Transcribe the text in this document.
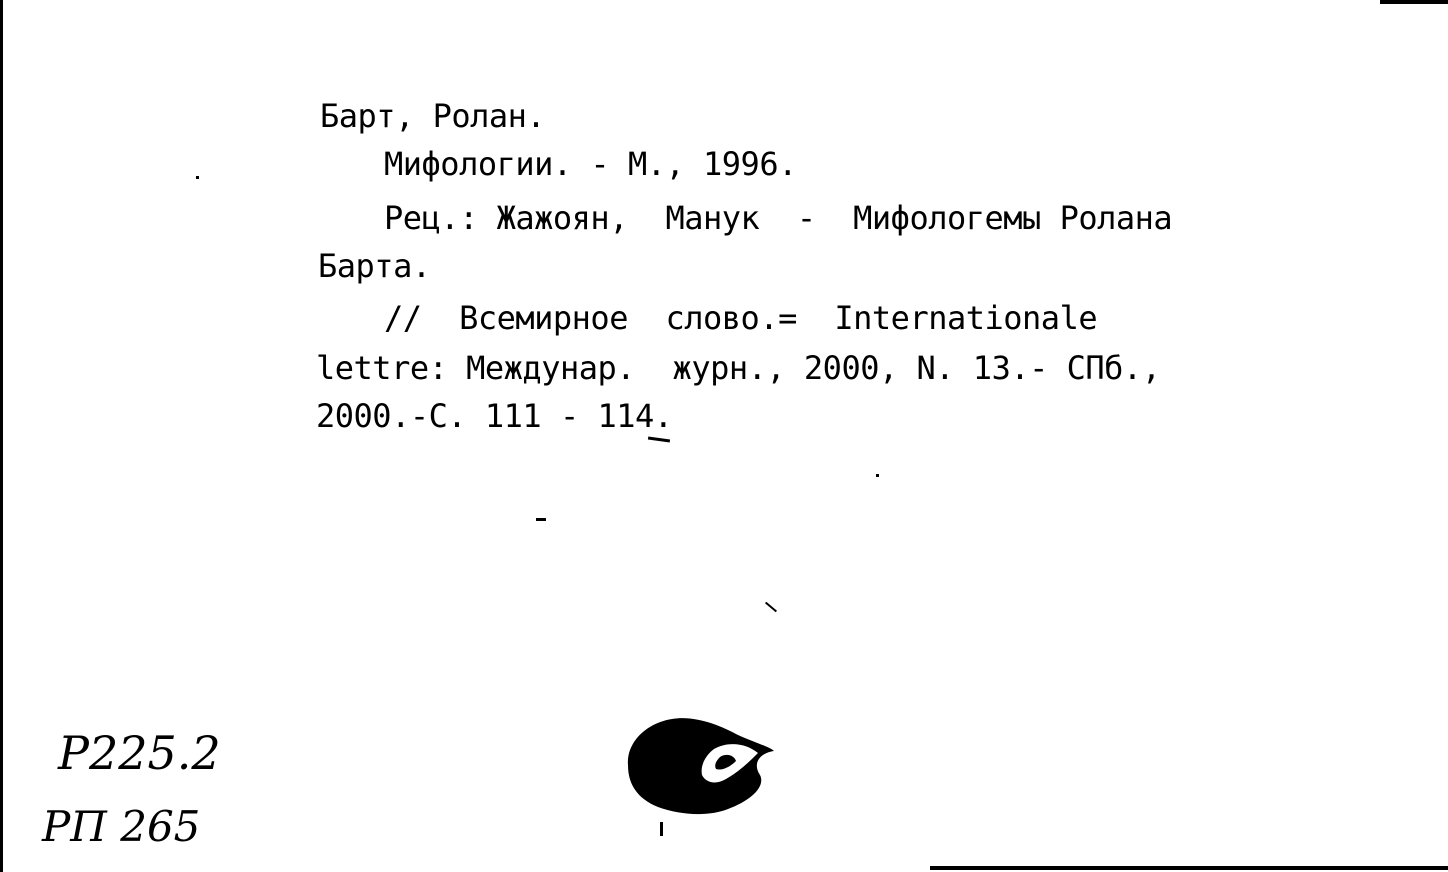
Барт, Ролан.
Мифологии. - М., 1996.
Рец.: Жажоян,  Манук  -  Мифологемы Ролана
Барта.
//  Всемирное  слово.=  Internationale
lettre: Междунар.  журн., 2000, N. 13.- СПб.,
2000.-С. 111 - 114.
Р225.2
РП 265
